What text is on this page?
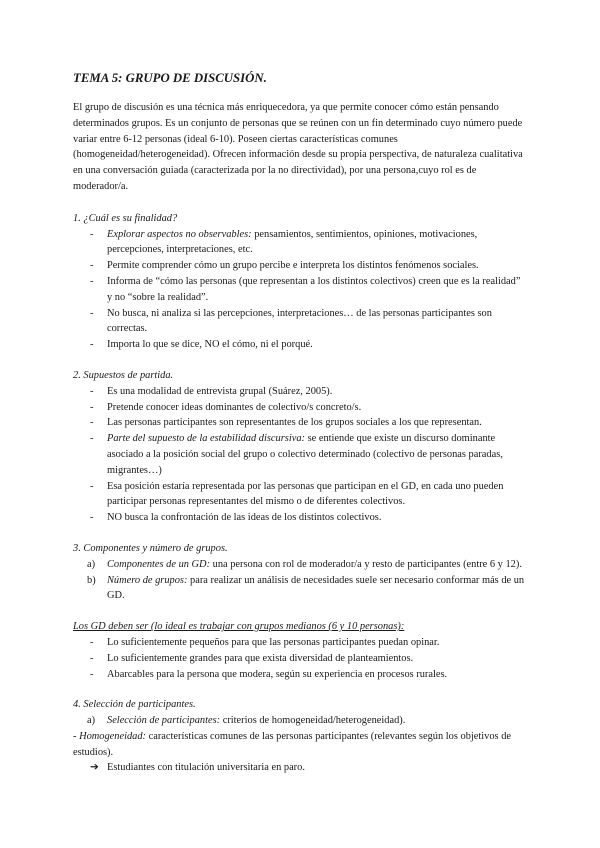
TEMA 5: GRUPO DE DISCUSIÓN.

El grupo de discusión es una técnica más enriquecedora, ya que permite conocer cómo están pensando determinados grupos. Es un conjunto de personas que se reúnen con un fin determinado cuyo número puede variar entre 6-12 personas (ideal 6-10). Poseen ciertas características comunes (homogeneidad/heterogeneidad). Ofrecen información desde su propia perspectiva, de naturaleza cualitativa en una conversación guiada (caracterizada por la no directividad), por una persona,cuyo rol es de moderador/a.

1. ¿Cuál es su finalidad?

- Explorar aspectos no observables: pensamientos, sentimientos, opiniones, motivaciones, percepciones, interpretaciones, etc.
- Permite comprender cómo un grupo percibe e interpreta los distintos fenómenos sociales.
- Informa de “cómo las personas (que representan a los distintos colectivos) creen que es la realidad” y no “sobre la realidad”.
- No busca, ni analiza si las percepciones, interpretaciones… de las personas participantes son correctas.
- Importa lo que se dice, NO el cómo, ni el porqué.

2. Supuestos de partida.

- Es una modalidad de entrevista grupal (Suárez, 2005).
- Pretende conocer ideas dominantes de colectivo/s concreto/s.
- Las personas participantes son representantes de los grupos sociales a los que representan.
- Parte del supuesto de la estabilidad discursiva: se entiende que existe un discurso dominante asociado a la posición social del grupo o colectivo determinado (colectivo de personas paradas, migrantes…)
- Esa posición estaría representada por las personas que participan en el GD, en cada uno pueden participar personas representantes del mismo o de diferentes colectivos.
- NO busca la confrontación de las ideas de los distintos colectivos.

3. Componentes y número de grupos.

a) Componentes de un GD: una persona con rol de moderador/a y resto de participantes (entre 6 y 12).
b) Número de grupos: para realizar un análisis de necesidades suele ser necesario conformar más de un GD.

Los GD deben ser (lo ideal es trabajar con grupos medianos (6 y 10 personas):

- Lo suficientemente pequeños para que las personas participantes puedan opinar.
- Lo suficientemente grandes para que exista diversidad de planteamientos.
- Abarcables para la persona que modera, según su experiencia en procesos rurales.

4. Selección de participantes.

a) Selección de participantes: criterios de homogeneidad/heterogeneidad).

- Homogeneidad: características comunes de las personas participantes (relevantes según los objetivos de estudios).

➔ Estudiantes con titulación universitaria en paro.
